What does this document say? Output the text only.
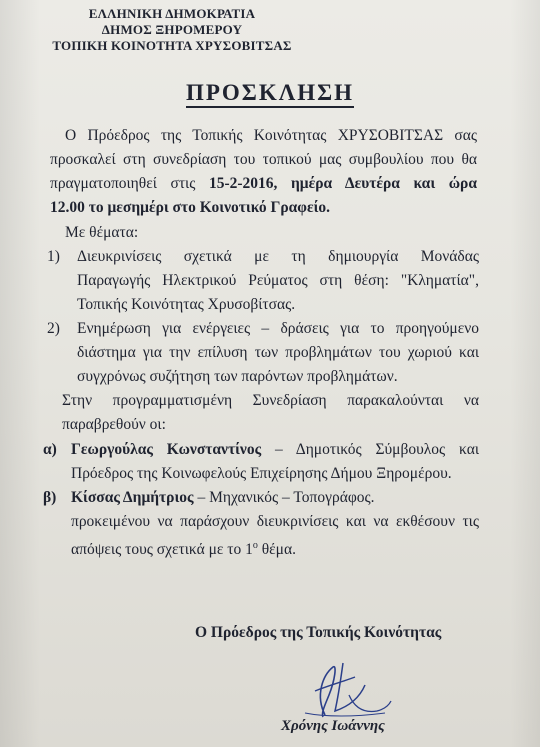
ΕΛΛΗΝΙΚΗ ΔΗΜΟΚΡΑΤΙΑ
ΔΗΜΟΣ ΞΗΡΟΜΕΡΟΥ
ΤΟΠΙΚΗ ΚΟΙΝΟΤΗΤΑ ΧΡΥΣΟΒΙΤΣΑΣ
ΠΡΟΣΚΛΗΣΗ
Ο Πρόεδρος της Τοπικής Κοινότητας ΧΡΥΣΟΒΙΤΣΑΣ σας
προσκαλεί στη συνεδρίαση του τοπικού μας συμβουλίου που θα
πραγματοποιηθεί στις 15-2-2016, ημέρα Δευτέρα και ώρα
12.00 το μεσημέρι στο Κοινοτικό Γραφείο.
Με θέματα:
1) Διευκρινίσεις σχετικά με τη δημιουργία Μονάδας
Παραγωγής Ηλεκτρικού Ρεύματος στη θέση: "Κληματία",
Τοπικής Κοινότητας Χρυσοβίτσας.
2) Ενημέρωση για ενέργειες – δράσεις για το προηγούμενο
διάστημα για την επίλυση των προβλημάτων του χωριού και
συγχρόνως συζήτηση των παρόντων προβλημάτων.
Στην προγραμματισμένη Συνεδρίαση παρακαλούνται να
παραβρεθούν οι:
α) Γεωργούλας Κωνσταντίνος – Δημοτικός Σύμβουλος και
Πρόεδρος της Κοινωφελούς Επιχείρησης Δήμου Ξηρομέρου.
β) Κίσσας Δημήτριος – Μηχανικός – Τοπογράφος.
προκειμένου να παράσχουν διευκρινίσεις και να εκθέσουν τις
απόψεις τους σχετικά με το $1^o$ θέμα.
Ο Πρόεδρος της Τοπικής Κοινότητας
Χρόνης Ιωάννης
